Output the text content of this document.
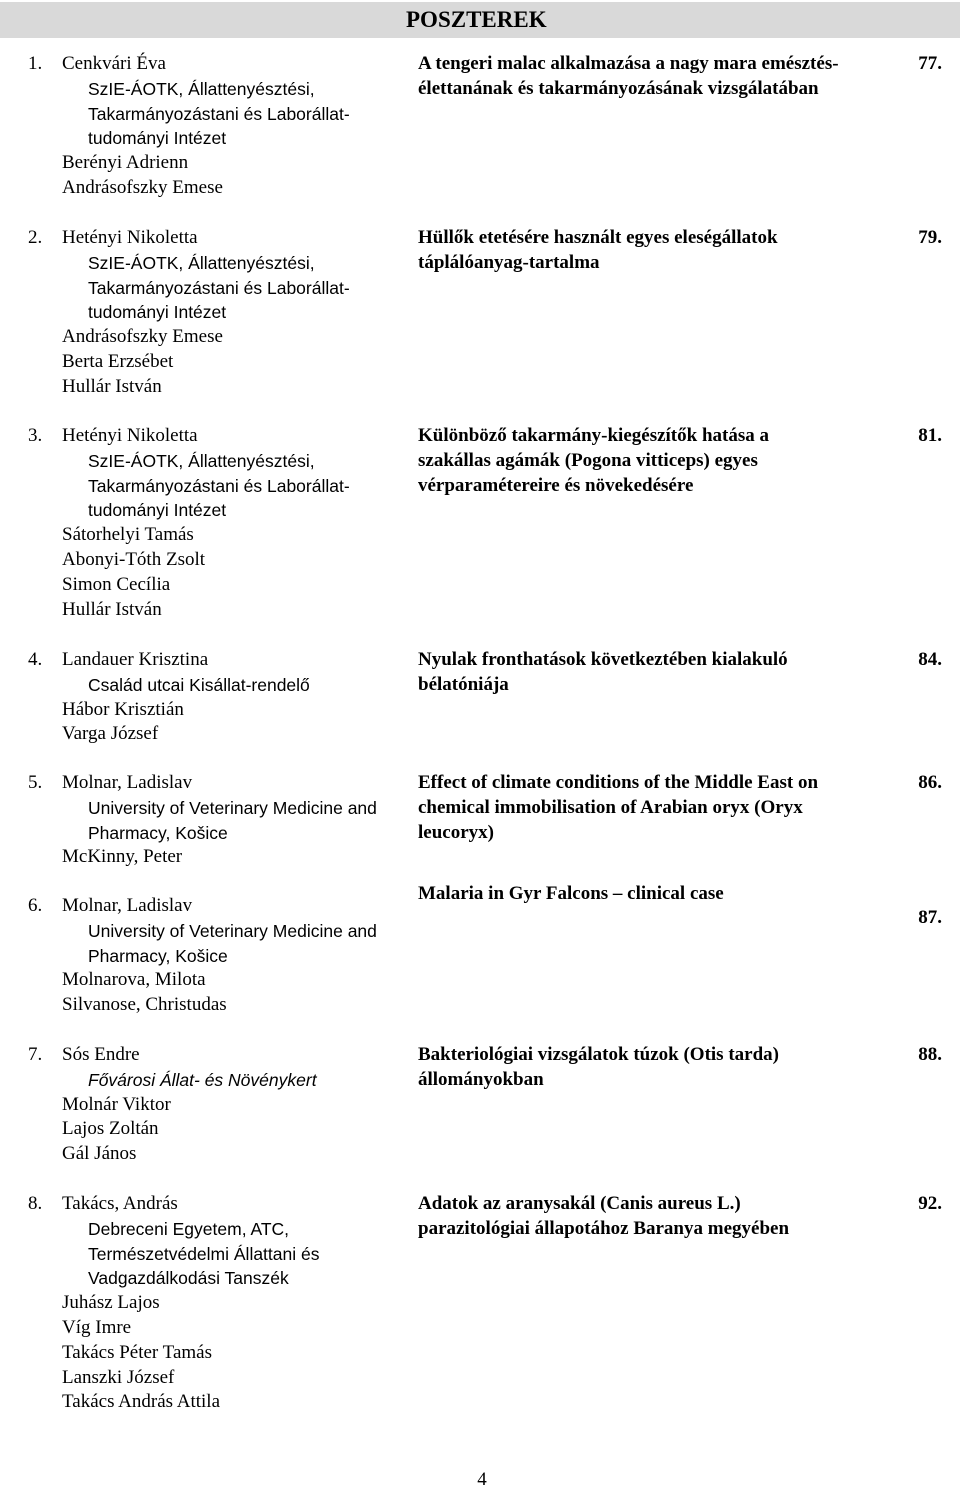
POSZTEREK
1. Cenkvári Éva
SzIE-ÁOTK, Állattenyésztési,
Takarmányozástani és Laborállat-
tudományi Intézet
Berényi Adrienn
Andrásofszky Emese
A tengeri malac alkalmazása a nagy mara emésztés-
élettanának és takarmányozásának vizsgálatában
77.
2. Hetényi Nikoletta
SzIE-ÁOTK, Állattenyésztési,
Takarmányozástani és Laborállat-
tudományi Intézet
Andrásofszky Emese
Berta Erzsébet
Hullár István
Hüllők etetésére használt egyes eleségállatok
táplálóanyag-tartalma
79.
3. Hetényi Nikoletta
SzIE-ÁOTK, Állattenyésztési,
Takarmányozástani és Laborállat-
tudományi Intézet
Sátorhelyi Tamás
Abonyi-Tóth Zsolt
Simon Cecília
Hullár István
Különböző takarmány-kiegészítők hatása a
szakállas agámák (Pogona vitticeps) egyes
vérparamétereire és növekedésére
81.
4. Landauer Krisztina
Család utcai Kisállat-rendelő
Hábor Krisztián
Varga József
Nyulak fronthatások következtében kialakuló
bélatóniája
84.
5. Molnar, Ladislav
University of Veterinary Medicine and
Pharmacy, Košice
McKinny, Peter
Effect of climate conditions of the Middle East on
chemical immobilisation of Arabian oryx (Oryx
leucoryx)
86.
6. Molnar, Ladislav
University of Veterinary Medicine and
Pharmacy, Košice
Molnarova, Milota
Silvanose, Christudas
Malaria in Gyr Falcons – clinical case
87.
7. Sós Endre
Fővárosi Állat- és Növénykert
Molnár Viktor
Lajos Zoltán
Gál János
Bakteriológiai vizsgálatok túzok (Otis tarda)
állományokban
88.
8. Takács, András
Debreceni Egyetem, ATC,
Természetvédelmi Állattani és
Vadgazdálkodási Tanszék
Juhász Lajos
Víg Imre
Takács Péter Tamás
Lanszki József
Takács András Attila
Adatok az aranysakál (Canis aureus L.)
parazitológiai állapotához Baranya megyében
92.
4
